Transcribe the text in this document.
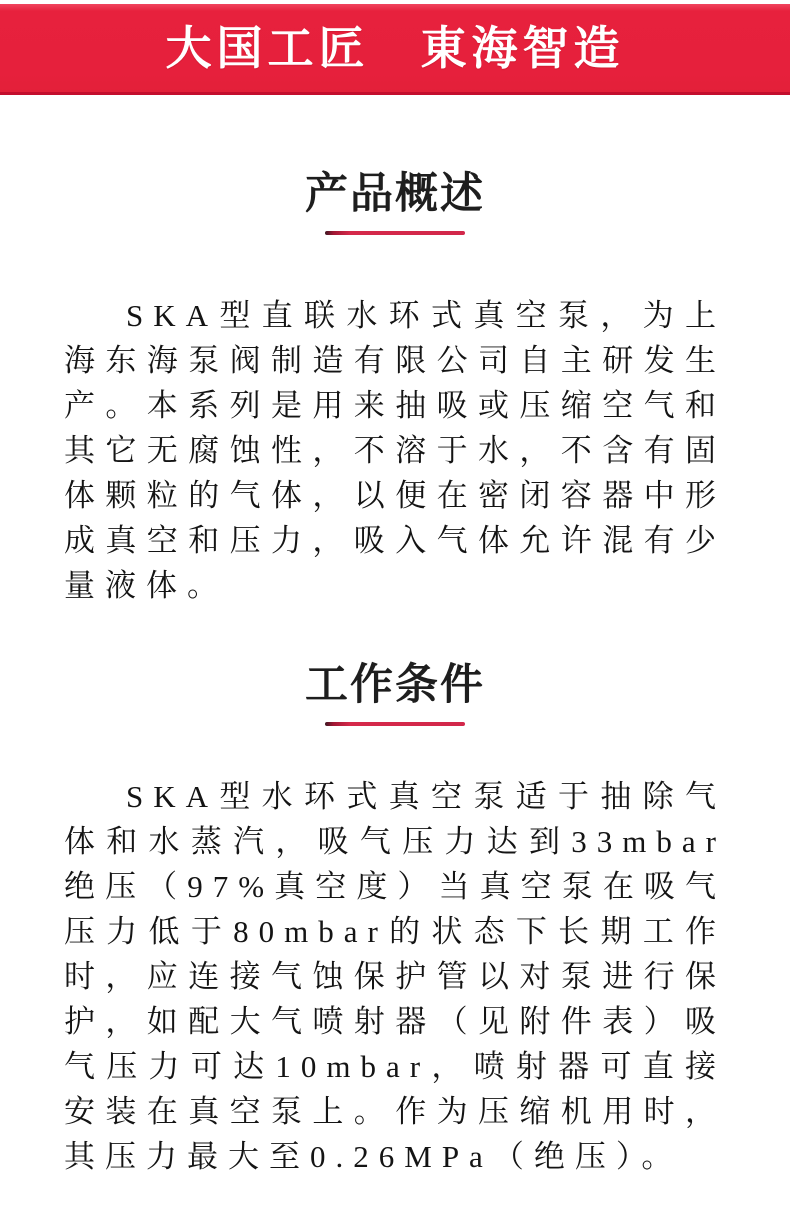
大国工匠　東海智造
产品概述

SKA型直联水环式真空泵，为上海东海泵阀制造有限公司自主研发生产。本系列是用来抽吸或压缩空气和其它无腐蚀性，不溶于水，不含有固体颗粒的气体，以便在密闭容器中形成真空和压力，吸入气体允许混有少量液体。

工作条件

SKA型水环式真空泵适于抽除气体和水蒸汽，吸气压力达到33mbar绝压（97%真空度）当真空泵在吸气压力低于80mbar的状态下长期工作时，应连接气蚀保护管以对泵进行保护，如配大气喷射器（见附件表）吸气压力可达10mbar，喷射器可直接安装在真空泵上。作为压缩机用时，其压力最大至0.26MPa（绝压）。
